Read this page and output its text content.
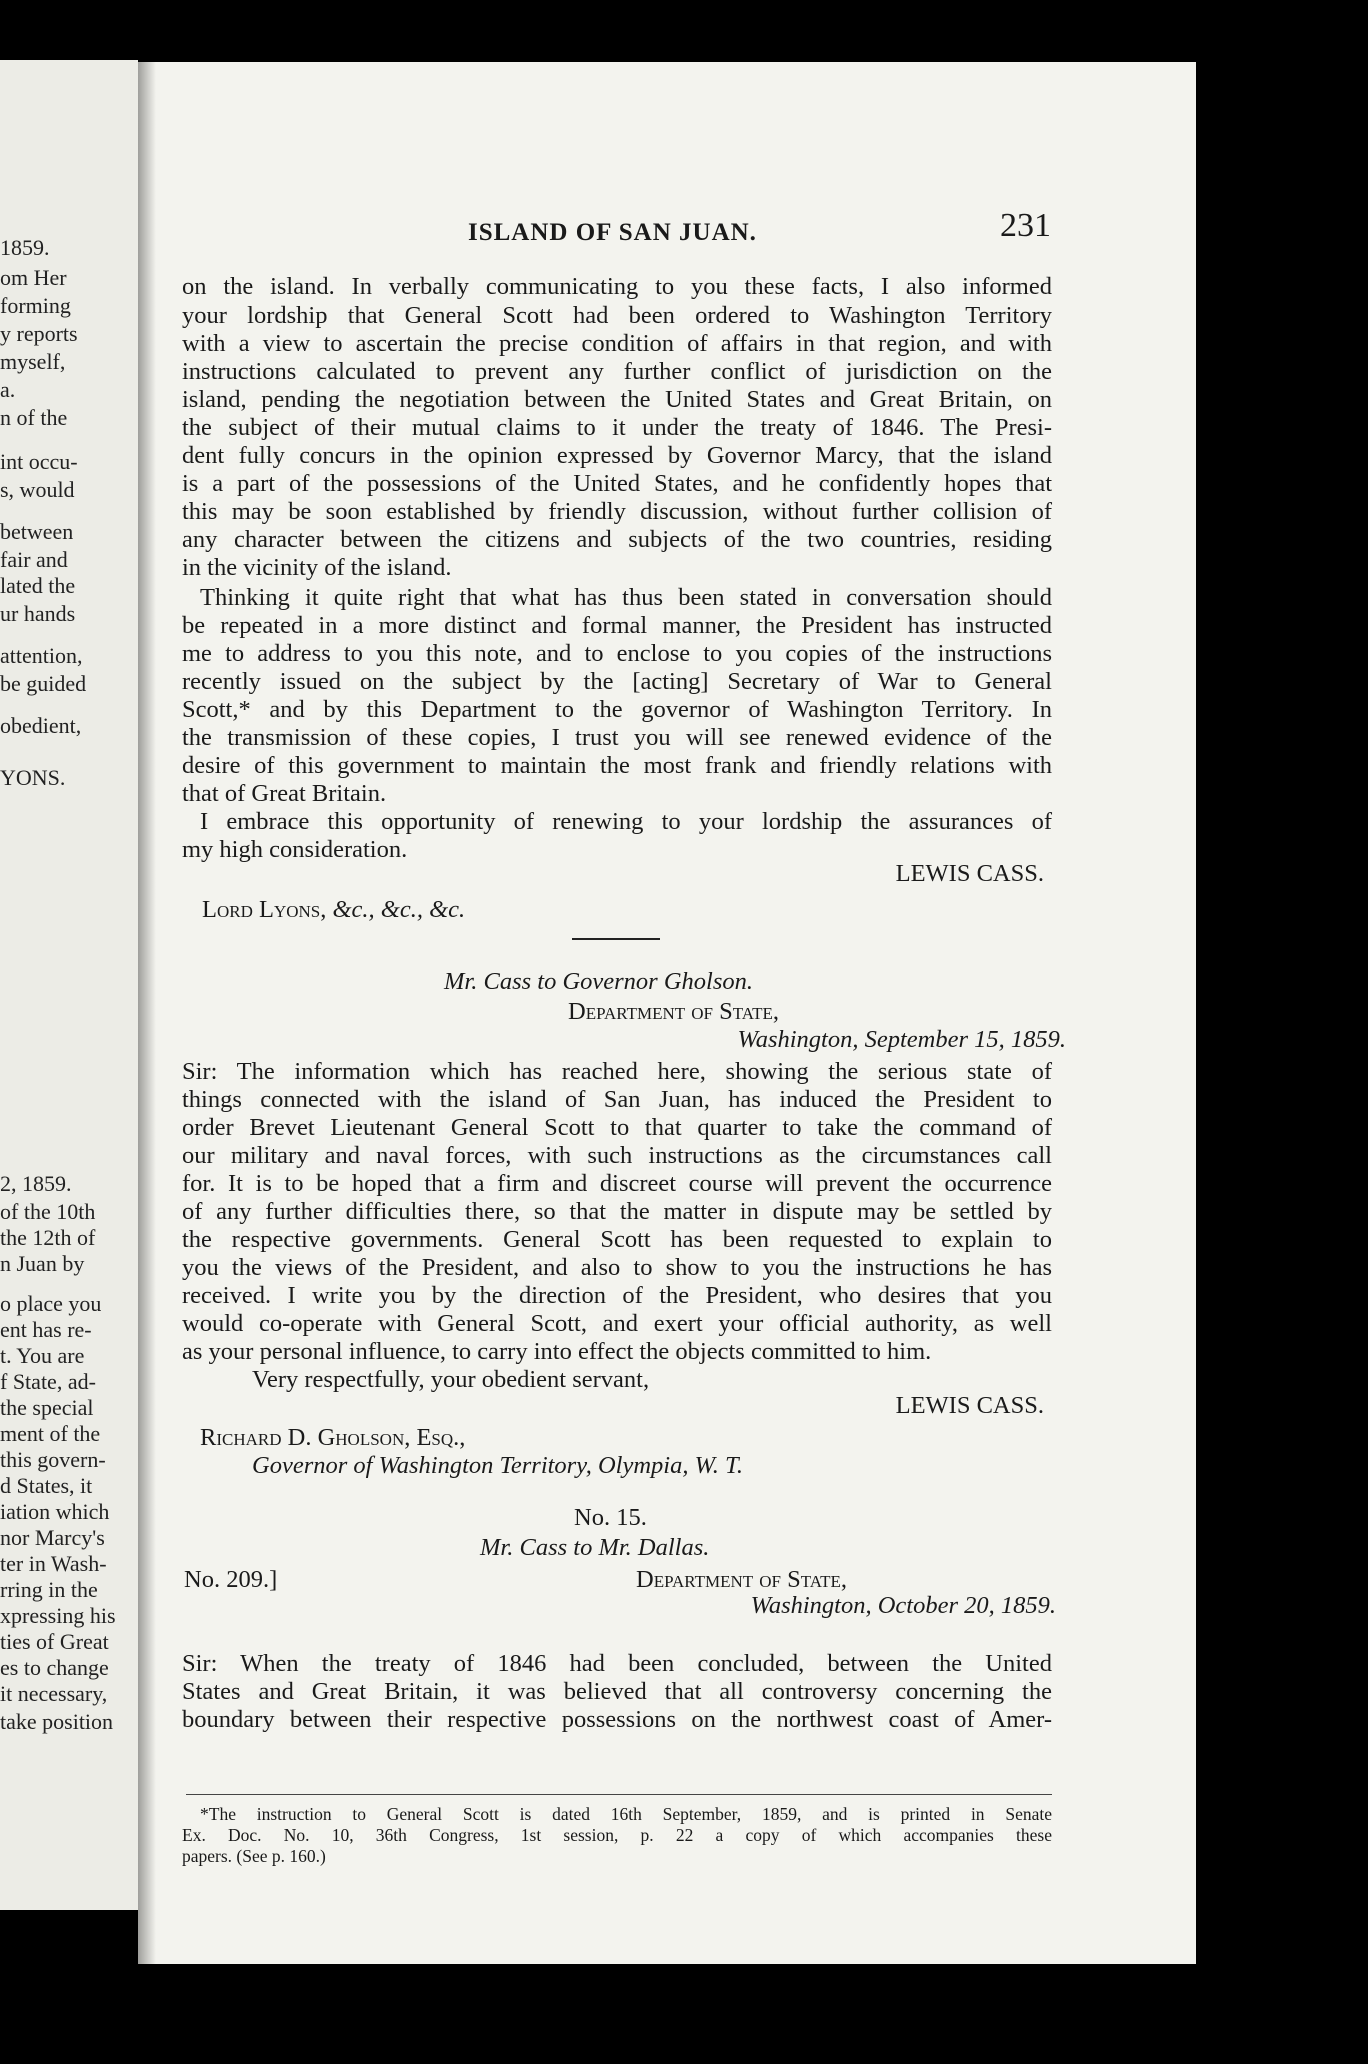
1859.
om Her
forming
y reports
myself,
a.
n of the
int occu-
s, would
between
fair and
lated the
ur hands
attention,
be guided
obedient,
YONS.
2, 1859.
of the 10th
the 12th of
n Juan by
o place you
ent has re-
t. You are
f State, ad-
the special
ment of the
this govern-
d States, it
iation which
nor Marcy's
ter in Wash-
rring in the
xpressing his
ties of Great
es to change
it necessary,
take position
ISLAND OF SAN JUAN.	231
on the island. In verbally communicating to you these facts, I also informed
your lordship that General Scott had been ordered to Washington Territory
with a view to ascertain the precise condition of affairs in that region, and with
instructions calculated to prevent any further conflict of jurisdiction on the
island, pending the negotiation between the United States and Great Britain, on
the subject of their mutual claims to it under the treaty of 1846. The Presi-
dent fully concurs in the opinion expressed by Governor Marcy, that the island
is a part of the possessions of the United States, and he confidently hopes that
this may be soon established by friendly discussion, without further collision of
any character between the citizens and subjects of the two countries, residing
in the vicinity of the island.
Thinking it quite right that what has thus been stated in conversation should
be repeated in a more distinct and formal manner, the President has instructed
me to address to you this note, and to enclose to you copies of the instructions
recently issued on the subject by the [acting] Secretary of War to General
Scott,* and by this Department to the governor of Washington Territory. In
the transmission of these copies, I trust you will see renewed evidence of the
desire of this government to maintain the most frank and friendly relations with
that of Great Britain.
I embrace this opportunity of renewing to your lordship the assurances of
my high consideration.
LEWIS CASS.
Lord Lyons, &c., &c., &c.
Mr. Cass to Governor Gholson.
Department of State,
Washington, September 15, 1859.
Sir: The information which has reached here, showing the serious state of
things connected with the island of San Juan, has induced the President to
order Brevet Lieutenant General Scott to that quarter to take the command of
our military and naval forces, with such instructions as the circumstances call
for. It is to be hoped that a firm and discreet course will prevent the occurrence
of any further difficulties there, so that the matter in dispute may be settled by
the respective governments. General Scott has been requested to explain to
you the views of the President, and also to show to you the instructions he has
received. I write you by the direction of the President, who desires that you
would co-operate with General Scott, and exert your official authority, as well
as your personal influence, to carry into effect the objects committed to him.
Very respectfully, your obedient servant,
LEWIS CASS.
Richard D. Gholson, Esq.,
Governor of Washington Territory, Olympia, W. T.
No. 15.
Mr. Cass to Mr. Dallas.
No. 209.]	Department of State,
Washington, October 20, 1859.
Sir: When the treaty of 1846 had been concluded, between the United
States and Great Britain, it was believed that all controversy concerning the
boundary between their respective possessions on the northwest coast of Amer-
*The instruction to General Scott is dated 16th September, 1859, and is printed in Senate
Ex. Doc. No. 10, 36th Congress, 1st session, p. 22 a copy of which accompanies these
papers. (See p. 160.)
